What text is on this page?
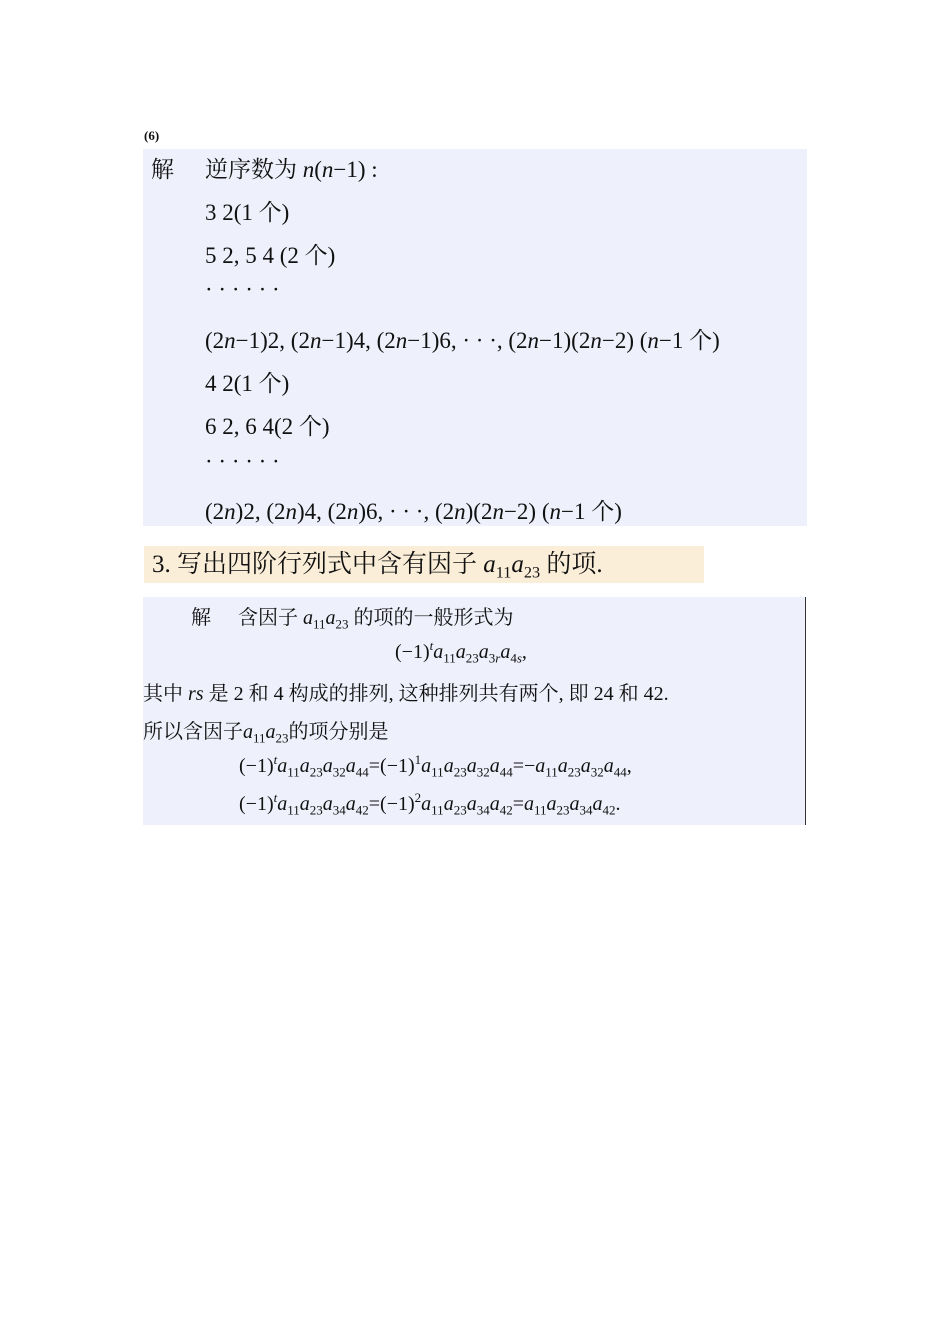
(6)
解 逆序数为 n(n−1) :
3 2(1 个)
5 2, 5 4 (2 个)
· · · · · ·
(2n−1)2, (2n−1)4, (2n−1)6, · · ·, (2n−1)(2n−2) (n−1 个)
4 2(1 个)
6 2, 6 4(2 个)
· · · · · ·
(2n)2, (2n)4, (2n)6, · · ·, (2n)(2n−2) (n−1 个)
3. 写出四阶行列式中含有因子 $a_{11}a_{23}$ 的项.
解 含因子 $a_{11}a_{23}$ 的项的一般形式为
$(-1)^ta_{11}a_{23}a_{3r}a_{4s}$,
其中 rs 是 2 和 4 构成的排列, 这种排列共有两个, 即 24 和 42.
所以含因子$a_{11}a_{23}$的项分别是
$(-1)^ta_{11}a_{23}a_{32}a_{44}=(-1)^1a_{11}a_{23}a_{32}a_{44}=-a_{11}a_{23}a_{32}a_{44}$,
$(-1)^ta_{11}a_{23}a_{34}a_{42}=(-1)^2a_{11}a_{23}a_{34}a_{42}=a_{11}a_{23}a_{34}a_{42}$.
